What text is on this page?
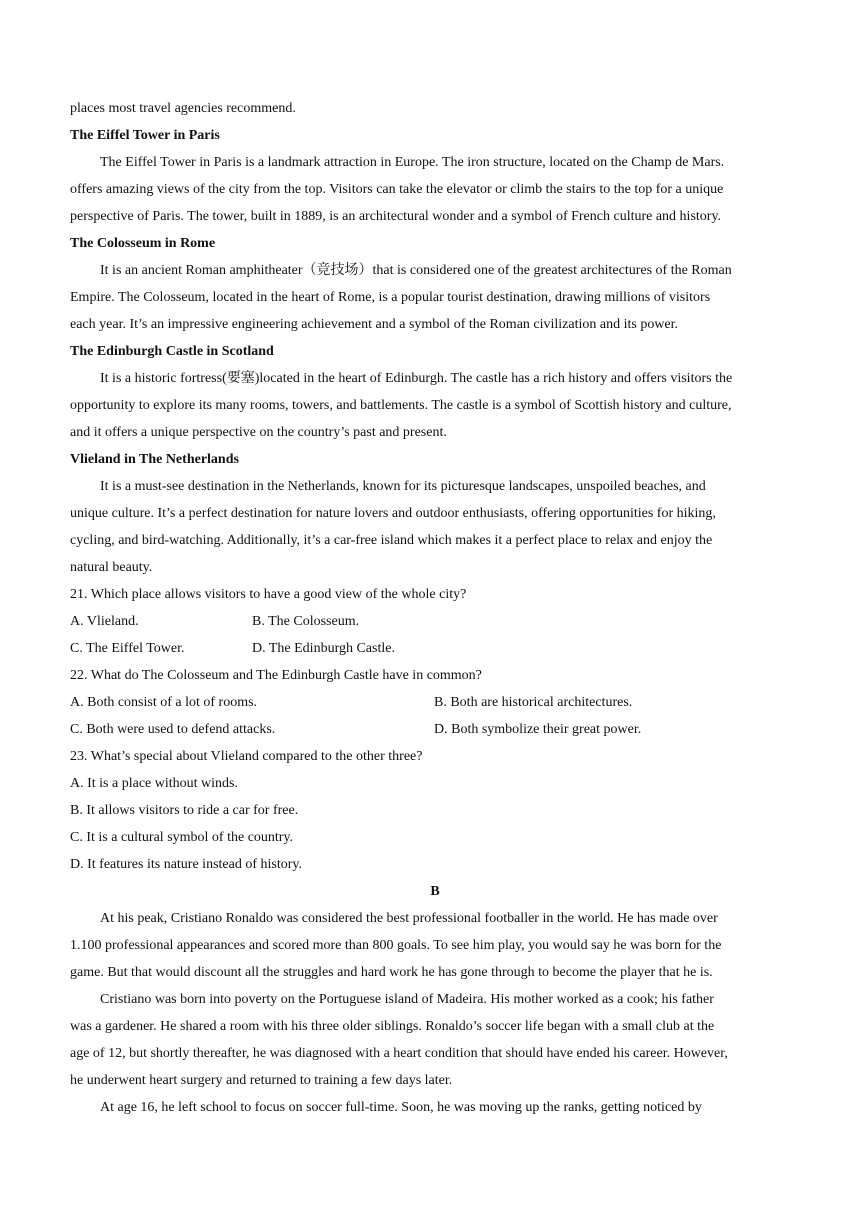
places most travel agencies recommend.
The Eiffel Tower in Paris
The Eiffel Tower in Paris is a landmark attraction in Europe. The iron structure, located on the Champ de Mars.
offers amazing views of the city from the top. Visitors can take the elevator or climb the stairs to the top for a unique
perspective of Paris. The tower, built in 1889, is an architectural wonder and a symbol of French culture and history.
The Colosseum in Rome
It is an ancient Roman amphitheater（竞技场）that is considered one of the greatest architectures of the Roman
Empire. The Colosseum, located in the heart of Rome, is a popular tourist destination, drawing millions of visitors
each year. It’s an impressive engineering achievement and a symbol of the Roman civilization and its power.
The Edinburgh Castle in Scotland
It is a historic fortress(要塞)located in the heart of Edinburgh. The castle has a rich history and offers visitors the
opportunity to explore its many rooms, towers, and battlements. The castle is a symbol of Scottish history and culture,
and it offers a unique perspective on the country’s past and present.
Vlieland in The Netherlands
It is a must-see destination in the Netherlands, known for its picturesque landscapes, unspoiled beaches, and
unique culture. It’s a perfect destination for nature lovers and outdoor enthusiasts, offering opportunities for hiking,
cycling, and bird-watching. Additionally, it’s a car-free island which makes it a perfect place to relax and enjoy the
natural beauty.
21. Which place allows visitors to have a good view of the whole city?
A. Vlieland.	B. The Colosseum.
C. The Eiffel Tower.	D. The Edinburgh Castle.
22. What do The Colosseum and The Edinburgh Castle have in common?
A. Both consist of a lot of rooms.	B. Both are historical architectures.
C. Both were used to defend attacks.	D. Both symbolize their great power.
23. What’s special about Vlieland compared to the other three?
A. It is a place without winds.
B. It allows visitors to ride a car for free.
C. It is a cultural symbol of the country.
D. It features its nature instead of history.
B
At his peak, Cristiano Ronaldo was considered the best professional footballer in the world. He has made over
1.100 professional appearances and scored more than 800 goals. To see him play, you would say he was born for the
game. But that would discount all the struggles and hard work he has gone through to become the player that he is.
Cristiano was born into poverty on the Portuguese island of Madeira. His mother worked as a cook; his father
was a gardener. He shared a room with his three older siblings. Ronaldo’s soccer life began with a small club at the
age of 12, but shortly thereafter, he was diagnosed with a heart condition that should have ended his career. However,
he underwent heart surgery and returned to training a few days later.
At age 16, he left school to focus on soccer full-time. Soon, he was moving up the ranks, getting noticed by
